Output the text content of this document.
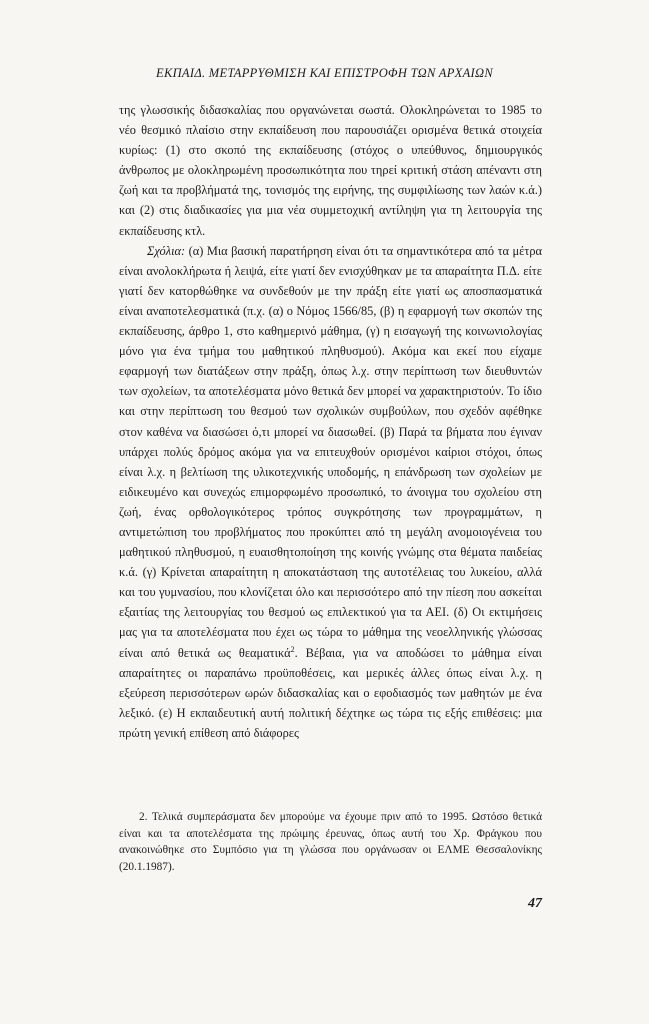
ΕΚΠΑΙΔ. ΜΕΤΑΡΡΥΘΜΙΣΗ ΚΑΙ ΕΠΙΣΤΡΟΦΗ ΤΩΝ ΑΡΧΑΙΩΝ

της γλωσσικής διδασκαλίας που οργανώνεται σωστά. Ολοκληρώνεται το 1985 το νέο θεσμικό πλαίσιο στην εκπαίδευση που παρουσιάζει ορισμένα θετικά στοιχεία κυρίως: (1) στο σκοπό της εκπαίδευσης (στόχος ο υπεύθυνος, δημιουργικός άνθρωπος με ολοκληρωμένη προσωπικότητα που τηρεί κριτική στάση απέναντι στη ζωή και τα προβλήματά της, τονισμός της ειρήνης, της συμφιλίωσης των λαών κ.ά.) και (2) στις διαδικασίες για μια νέα συμμετοχική αντίληψη για τη λειτουργία της εκπαίδευσης κτλ.

Σχόλια: (α) Μια βασική παρατήρηση είναι ότι τα σημαντικότερα από τα μέτρα είναι ανολοκλήρωτα ή λειψά, είτε γιατί δεν ενισχύθηκαν με τα απαραίτητα Π.Δ. είτε γιατί δεν κατορθώθηκε να συνδεθούν με την πράξη είτε γιατί ως αποσπασματικά είναι αναποτελεσματικά (π.χ. (α) ο Νόμος 1566/85, (β) η εφαρμογή των σκοπών της εκπαίδευσης, άρθρο 1, στο καθημερινό μάθημα, (γ) η εισαγωγή της κοινωνιολογίας μόνο για ένα τμήμα του μαθητικού πληθυσμού). Ακόμα και εκεί που είχαμε εφαρμογή των διατάξεων στην πράξη, όπως λ.χ. στην περίπτωση των διευθυντών των σχολείων, τα αποτελέσματα μόνο θετικά δεν μπορεί να χαρακτηριστούν. Το ίδιο και στην περίπτωση του θεσμού των σχολικών συμβούλων, που σχεδόν αφέθηκε στον καθένα να διασώσει ό,τι μπορεί να διασωθεί. (β) Παρά τα βήματα που έγιναν υπάρχει πολύς δρόμος ακόμα για να επιτευχθούν ορισμένοι καίριοι στόχοι, όπως είναι λ.χ. η βελτίωση της υλικοτεχνικής υποδομής, η επάνδρωση των σχολείων με ειδικευμένο και συνεχώς επιμορφωμένο προσωπικό, το άνοιγμα του σχολείου στη ζωή, ένας ορθολογικότερος τρόπος συγκρότησης των προγραμμάτων, η αντιμετώπιση του προβλήματος που προκύπτει από τη μεγάλη ανομοιογένεια του μαθητικού πληθυσμού, η ευαισθητοποίηση της κοινής γνώμης στα θέματα παιδείας κ.ά. (γ) Κρίνεται απαραίτητη η αποκατάσταση της αυτοτέλειας του λυκείου, αλλά και του γυμνασίου, που κλονίζεται όλο και περισσότερο από την πίεση που ασκείται εξαιτίας της λειτουργίας του θεσμού ως επιλεκτικού για τα ΑΕΙ. (δ) Οι εκτιμήσεις μας για τα αποτελέσματα που έχει ως τώρα το μάθημα της νεοελληνικής γλώσσας είναι από θετικά ως θεαματικά$^2$. Βέβαια, για να αποδώσει το μάθημα είναι απαραίτητες οι παραπάνω προϋποθέσεις, και μερικές άλλες όπως είναι λ.χ. η εξεύρεση περισσότερων ωρών διδασκαλίας και ο εφοδιασμός των μαθητών με ένα λεξικό. (ε) Η εκπαιδευτική αυτή πολιτική δέχτηκε ως τώρα τις εξής επιθέσεις: μια πρώτη γενική επίθεση από διάφορες

2. Τελικά συμπεράσματα δεν μπορούμε να έχουμε πριν από το 1995. Ωστόσο θετικά είναι και τα αποτελέσματα της πρώιμης έρευνας, όπως αυτή του Χρ. Φράγκου που ανακοινώθηκε στο Συμπόσιο για τη γλώσσα που οργάνωσαν οι ΕΛΜΕ Θεσσαλονίκης (20.1.1987).

47
